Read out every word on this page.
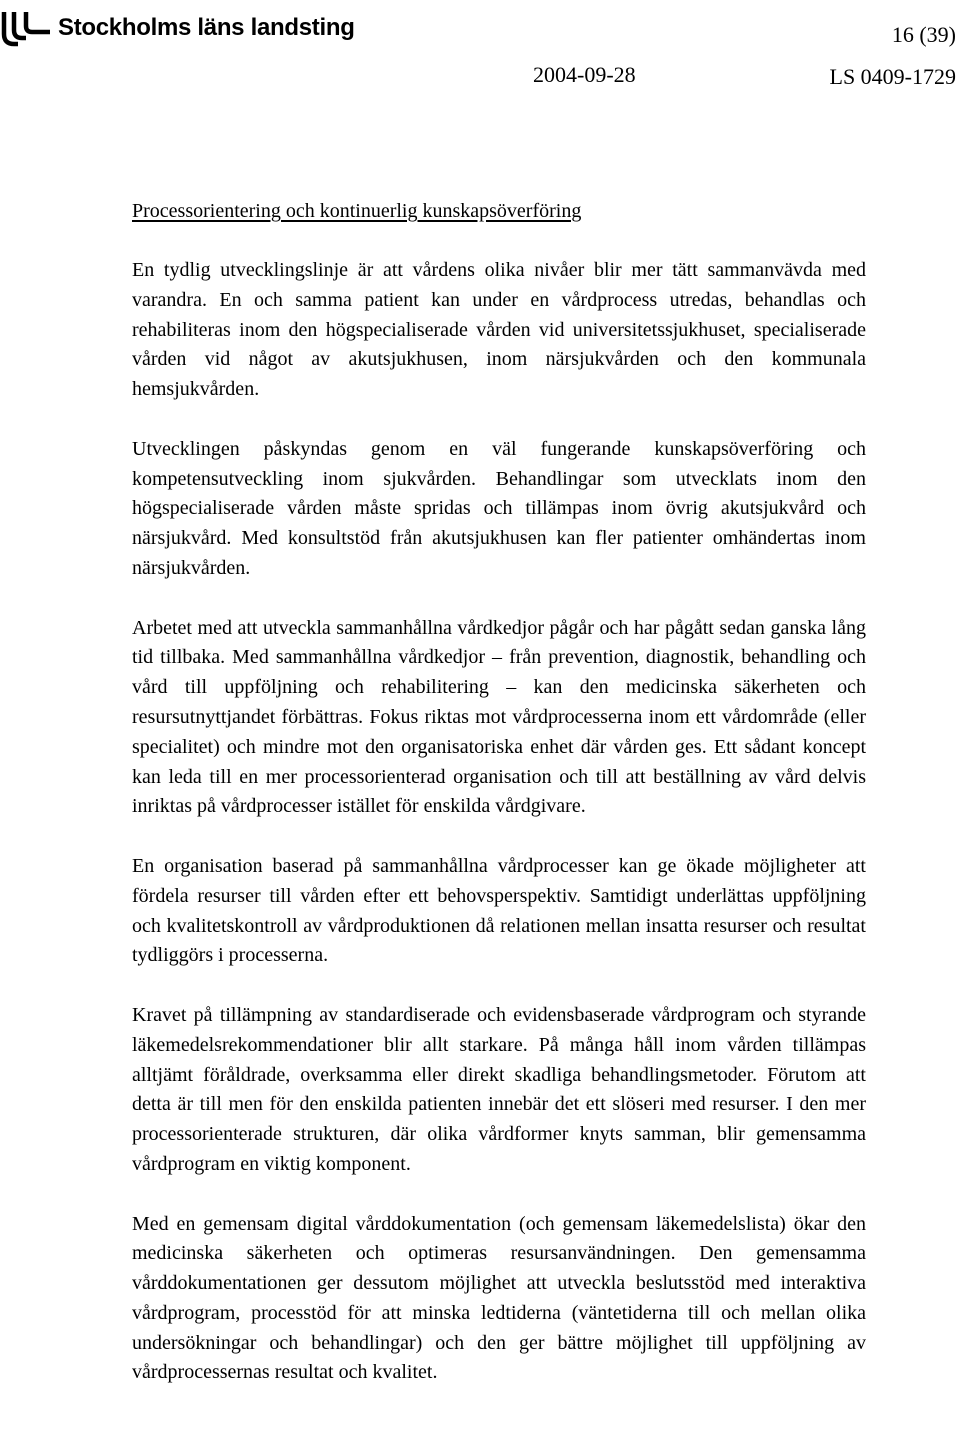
Stockholms läns landsting	16 (39)
2004-09-28	LS 0409-1729
Processorientering och kontinuerlig kunskapsöverföring

En tydlig utvecklingslinje är att vårdens olika nivåer blir mer tätt sammanvävda med varandra. En och samma patient kan under en vårdprocess utredas, behandlas och rehabiliteras inom den högspecialiserade vården vid universitetssjukhuset, specialiserade vården vid något av akutsjukhusen, inom närsjukvården och den kommunala hemsjukvården.

Utvecklingen påskyndas genom en väl fungerande kunskapsöverföring och kompetensutveckling inom sjukvården. Behandlingar som utvecklats inom den högspecialiserade vården måste spridas och tillämpas inom övrig akutsjukvård och närsjukvård. Med konsultstöd från akutsjukhusen kan fler patienter omhändertas inom närsjukvården.

Arbetet med att utveckla sammanhållna vårdkedjor pågår och har pågått sedan ganska lång tid tillbaka. Med sammanhållna vårdkedjor – från prevention, diagnostik, behandling och vård till uppföljning och rehabilitering – kan den medicinska säkerheten och resursutnyttjandet förbättras. Fokus riktas mot vårdprocesserna inom ett vårdområde (eller specialitet) och mindre mot den organisatoriska enhet där vården ges. Ett sådant koncept kan leda till en mer processorienterad organisation och till att beställning av vård delvis inriktas på vårdprocesser istället för enskilda vårdgivare.

En organisation baserad på sammanhållna vårdprocesser kan ge ökade möjligheter att fördela resurser till vården efter ett behovsperspektiv. Samtidigt underlättas uppföljning och kvalitetskontroll av vårdproduktionen då relationen mellan insatta resurser och resultat tydliggörs i processerna.

Kravet på tillämpning av standardiserade och evidensbaserade vårdprogram och styrande läkemedelsrekommendationer blir allt starkare. På många håll inom vården tillämpas alltjämt föråldrade, overksamma eller direkt skadliga behandlingsmetoder. Förutom att detta är till men för den enskilda patienten innebär det ett slöseri med resurser. I den mer processorienterade strukturen, där olika vårdformer knyts samman, blir gemensamma vårdprogram en viktig komponent.

Med en gemensam digital vårddokumentation (och gemensam läkemedelslista) ökar den medicinska säkerheten och optimeras resursanvändningen. Den gemensamma vårddokumentationen ger dessutom möjlighet att utveckla beslutsstöd med interaktiva vårdprogram, processtöd för att minska ledtiderna (väntetiderna till och mellan olika undersökningar och behandlingar) och den ger bättre möjlighet till uppföljning av vårdprocessernas resultat och kvalitet.
